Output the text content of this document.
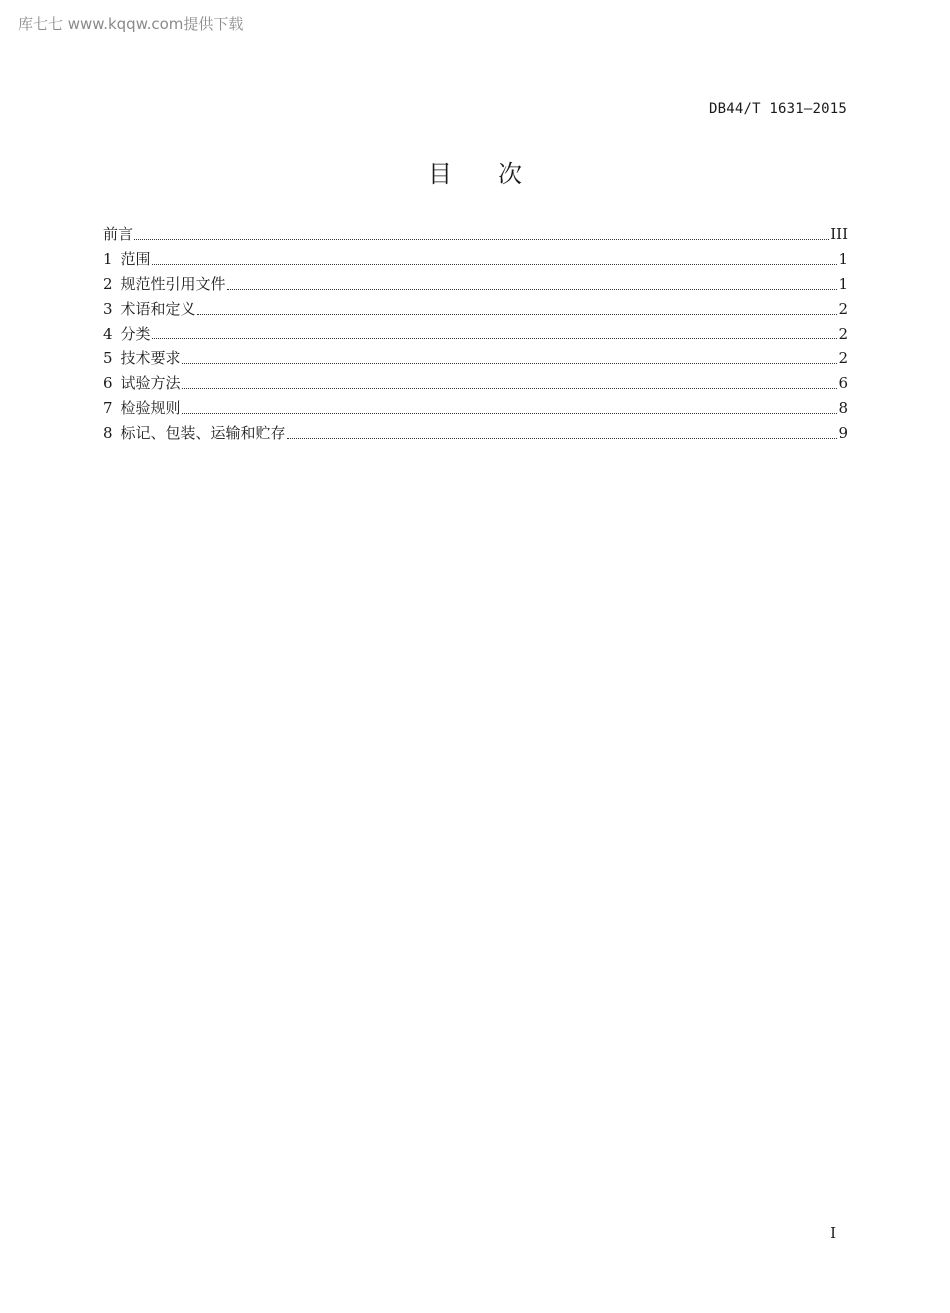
库七七 www.kqqw.com提供下载
DB44/T 1631—2015
目次
前言	III
1 范围	1
2 规范性引用文件	1
3 术语和定义	2
4 分类	2
5 技术要求	2
6 试验方法	6
7 检验规则	8
8 标记、包装、运输和贮存	9
I
